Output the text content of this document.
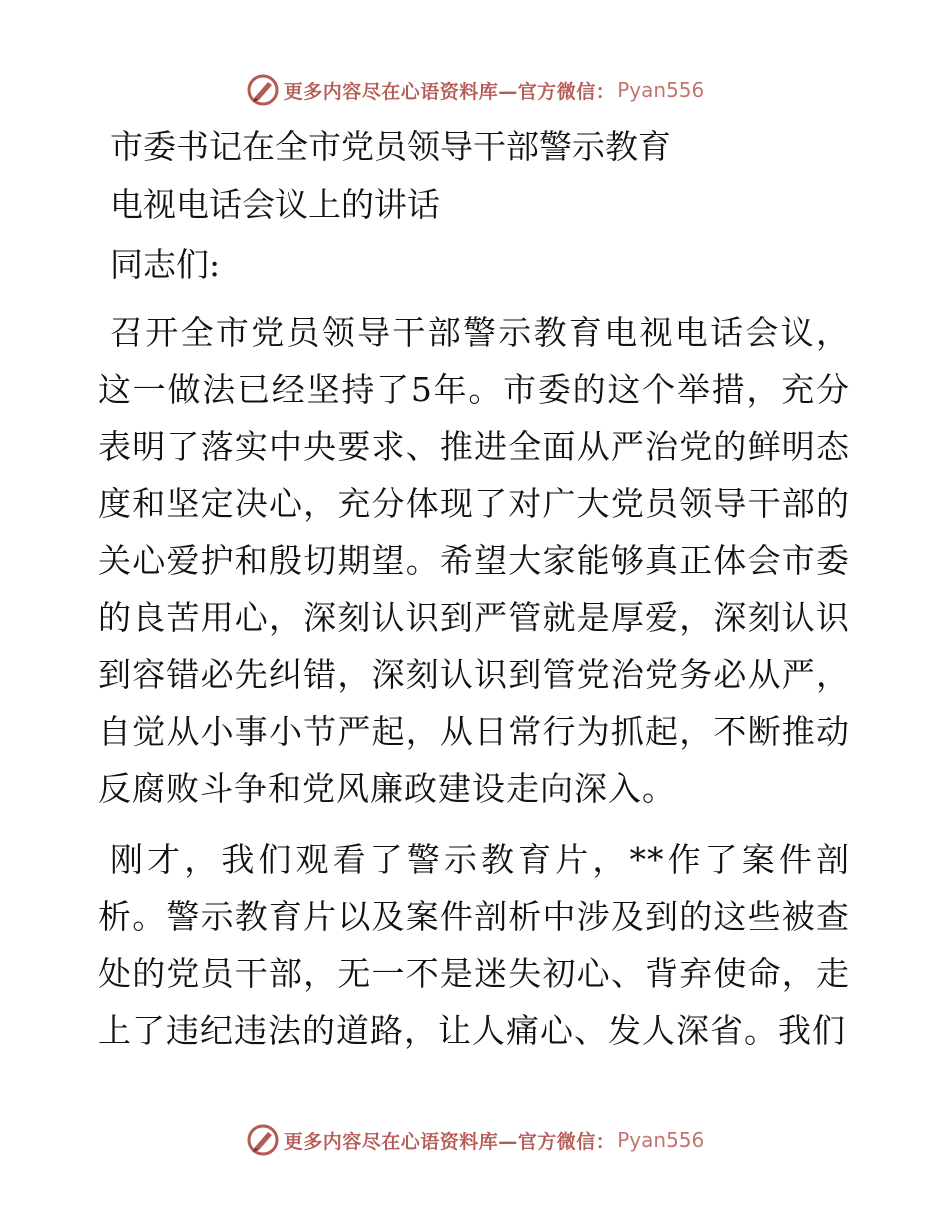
更多内容尽在心语资料库—官方微信： Pyan556

市委书记在全市党员领导干部警示教育

电视电话会议上的讲话

同志们:

召开全市党员领导干部警示教育电视电话会议，这一做法已经坚持了5年。市委的这个举措，充分表明了落实中央要求、推进全面从严治党的鲜明态度和坚定决心，充分体现了对广大党员领导干部的关心爱护和殷切期望。希望大家能够真正体会市委的良苦用心，深刻认识到严管就是厚爱，深刻认识到容错必先纠错，深刻认识到管党治党务必从严，自觉从小事小节严起，从日常行为抓起，不断推动反腐败斗争和党风廉政建设走向深入。

刚才，我们观看了警示教育片，**作了案件剖析。警示教育片以及案件剖析中涉及到的这些被查处的党员干部，无一不是迷失初心、背弃使命，走上了违纪违法的道路，让人痛心、发人深省。我们

更多内容尽在心语资料库—官方微信： Pyan556
